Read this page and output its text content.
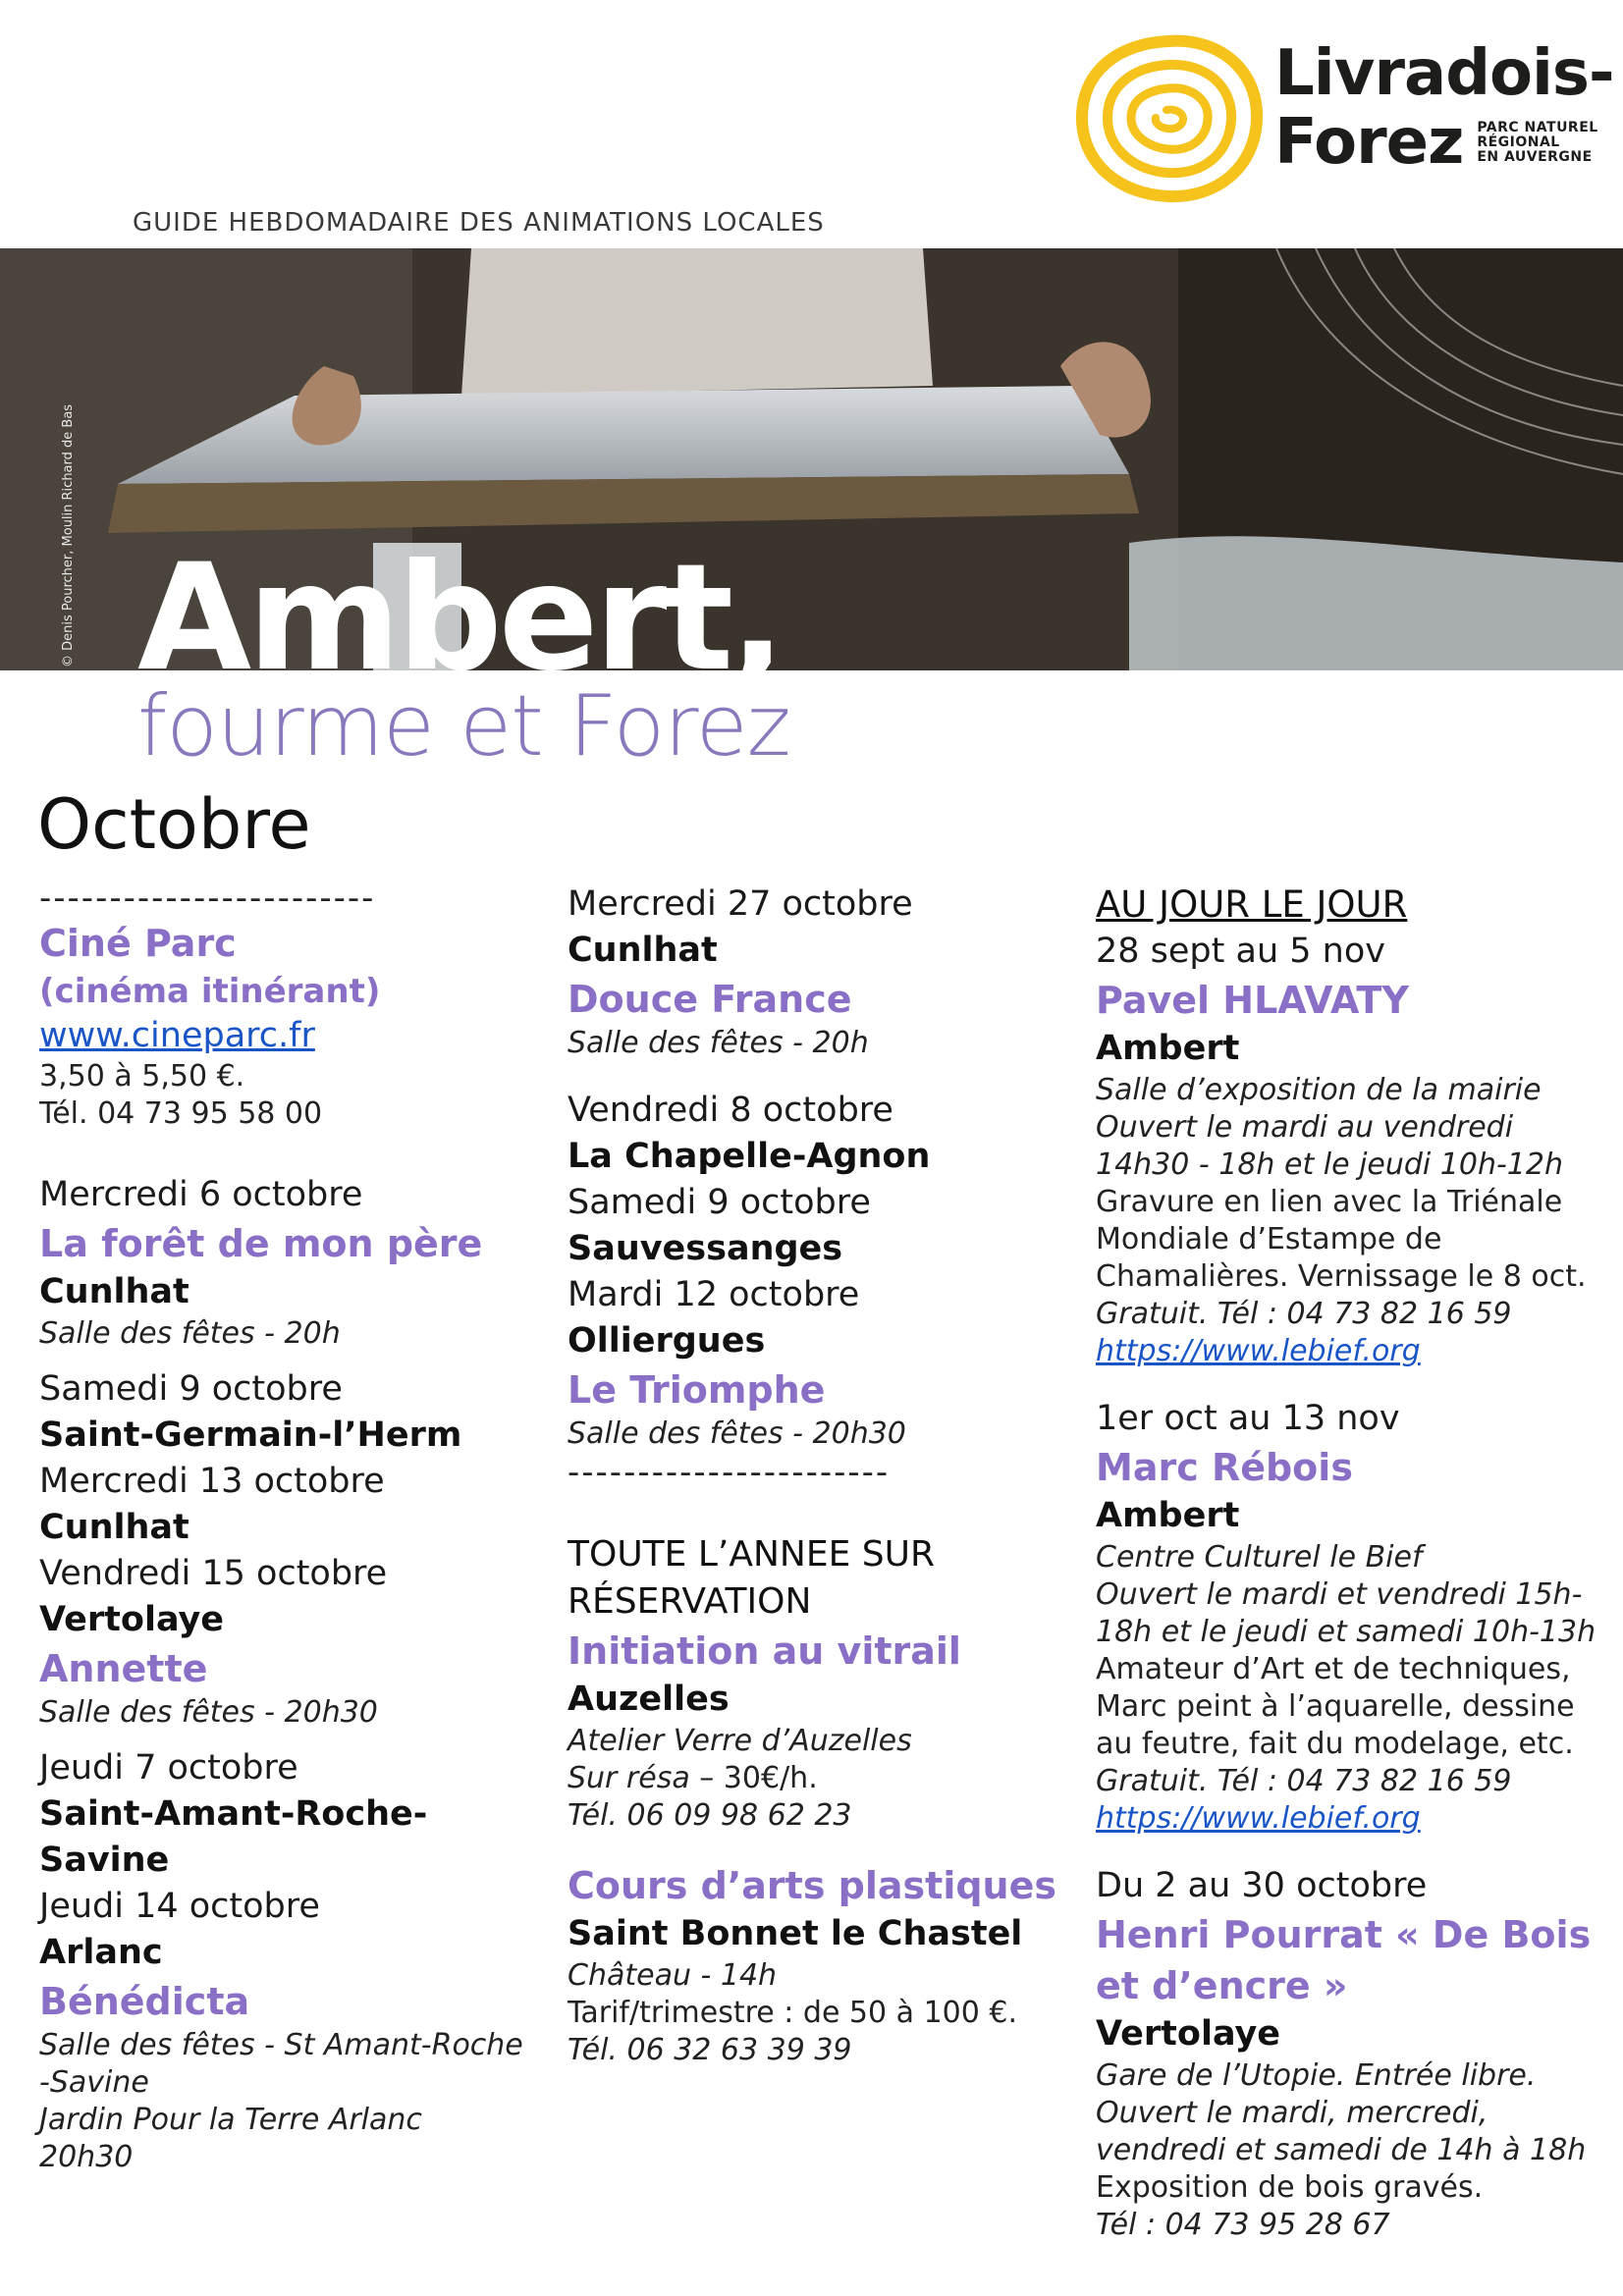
Livradois-
Forez PARC NATUREL
RÉGIONAL
EN AUVERGNE
GUIDE HEBDOMADAIRE DES ANIMATIONS LOCALES
© Denis Pourcher, Moulin Richard de Bas Ambert,
fourme et Forez
Octobre
------------------------
Ciné Parc
(cinéma itinérant)
www.cineparc.fr
3,50 à 5,50 €.
Tél. 04 73 95 58 00
Mercredi 6 octobre
La forêt de mon père
Cunlhat
Salle des fêtes - 20h
Samedi 9 octobre
Saint-Germain-l’Herm
Mercredi 13 octobre
Cunlhat
Vendredi 15 octobre
Vertolaye
Annette
Salle des fêtes - 20h30
Jeudi 7 octobre
Saint-Amant-Roche-
Savine
Jeudi 14 octobre
Arlanc
Bénédicta
Salle des fêtes - St Amant-Roche
-Savine
Jardin Pour la Terre Arlanc
20h30
Mercredi 27 octobre
Cunlhat
Douce France
Salle des fêtes - 20h
Vendredi 8 octobre
La Chapelle-Agnon
Samedi 9 octobre
Sauvessanges
Mardi 12 octobre
Olliergues
Le Triomphe
Salle des fêtes - 20h30
-----------------------
TOUTE L’ANNEE SUR
RÉSERVATION
Initiation au vitrail
Auzelles
Atelier Verre d’Auzelles
Sur résa – 30€/h.
Tél. 06 09 98 62 23
Cours d’arts plastiques
Saint Bonnet le Chastel
Château - 14h
Tarif/trimestre : de 50 à 100 €.
Tél. 06 32 63 39 39
AU JOUR LE JOUR
28 sept au 5 nov
Pavel HLAVATY
Ambert
Salle d’exposition de la mairie
Ouvert le mardi au vendredi
14h30 - 18h et le jeudi 10h-12h
Gravure en lien avec la Triénale
Mondiale d’Estampe de
Chamalières. Vernissage le 8 oct.
Gratuit. Tél : 04 73 82 16 59
https://www.lebief.org
1er oct au 13 nov
Marc Rébois
Ambert
Centre Culturel le Bief
Ouvert le mardi et vendredi 15h-
18h et le jeudi et samedi 10h-13h
Amateur d’Art et de techniques,
Marc peint à l’aquarelle, dessine
au feutre, fait du modelage, etc.
Gratuit. Tél : 04 73 82 16 59
https://www.lebief.org
Du 2 au 30 octobre
Henri Pourrat « De Bois
et d’encre »
Vertolaye
Gare de l’Utopie. Entrée libre.
Ouvert le mardi, mercredi,
vendredi et samedi de 14h à 18h
Exposition de bois gravés.
Tél : 04 73 95 28 67
